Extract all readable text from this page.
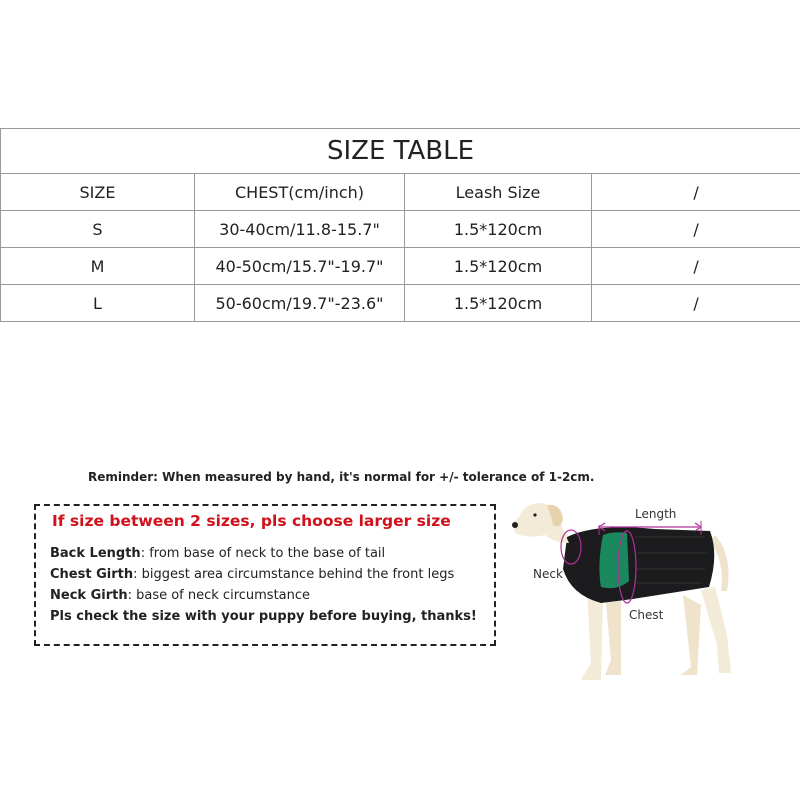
SIZE TABLE			
SIZE	CHEST(cm/inch)	Leash Size	/
S	30-40cm/11.8-15.7"	1.5*120cm	/
M	40-50cm/15.7"-19.7"	1.5*120cm	/
L	50-60cm/19.7"-23.6"	1.5*120cm	/
Reminder: When measured by hand, it's normal for +/- tolerance of 1-2cm.
If size between 2 sizes, pls choose larger size
Back Length: from base of neck to the base of tail
Chest Girth: biggest area circumstance behind the front legs
Neck Girth: base of neck circumstance
Pls check the size with your puppy before buying, thanks!
Length
Neck
Chest
